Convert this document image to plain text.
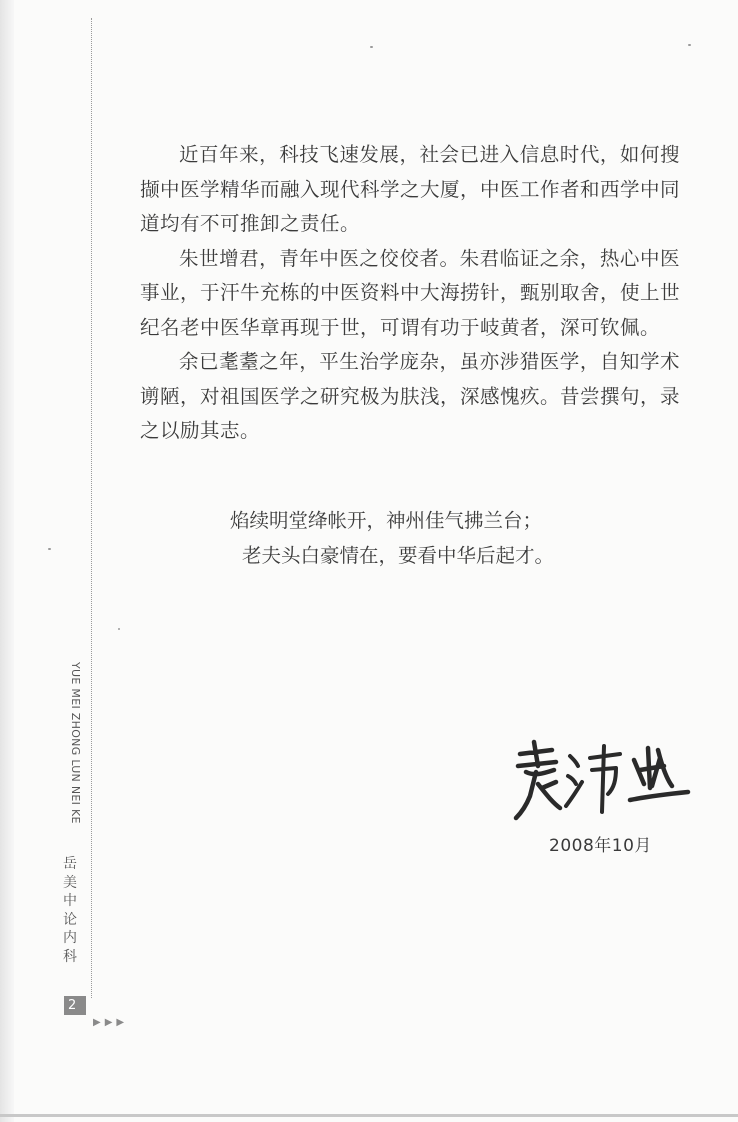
近百年来，科技飞速发展，社会已进入信息时代，如何搜撷中医学精华而融入现代科学之大厦，中医工作者和西学中同道均有不可推卸之责任。

朱世增君，青年中医之佼佼者。朱君临证之余，热心中医事业，于汗牛充栋的中医资料中大海捞针，甄别取舍，使上世纪名老中医华章再现于世，可谓有功于岐黄者，深可钦佩。

余已耄耋之年，平生治学庞杂，虽亦涉猎医学，自知学术谫陋，对祖国医学之研究极为肤浅，深感愧疚。昔尝撰句，录之以励其志。

焰续明堂绛帐开，神州佳气拂兰台；
老夫头白豪情在，要看中华后起才。
2008年10月
YUE MEI ZHONG LUN NEI KE
岳美中论内科
2
▶▶▶
